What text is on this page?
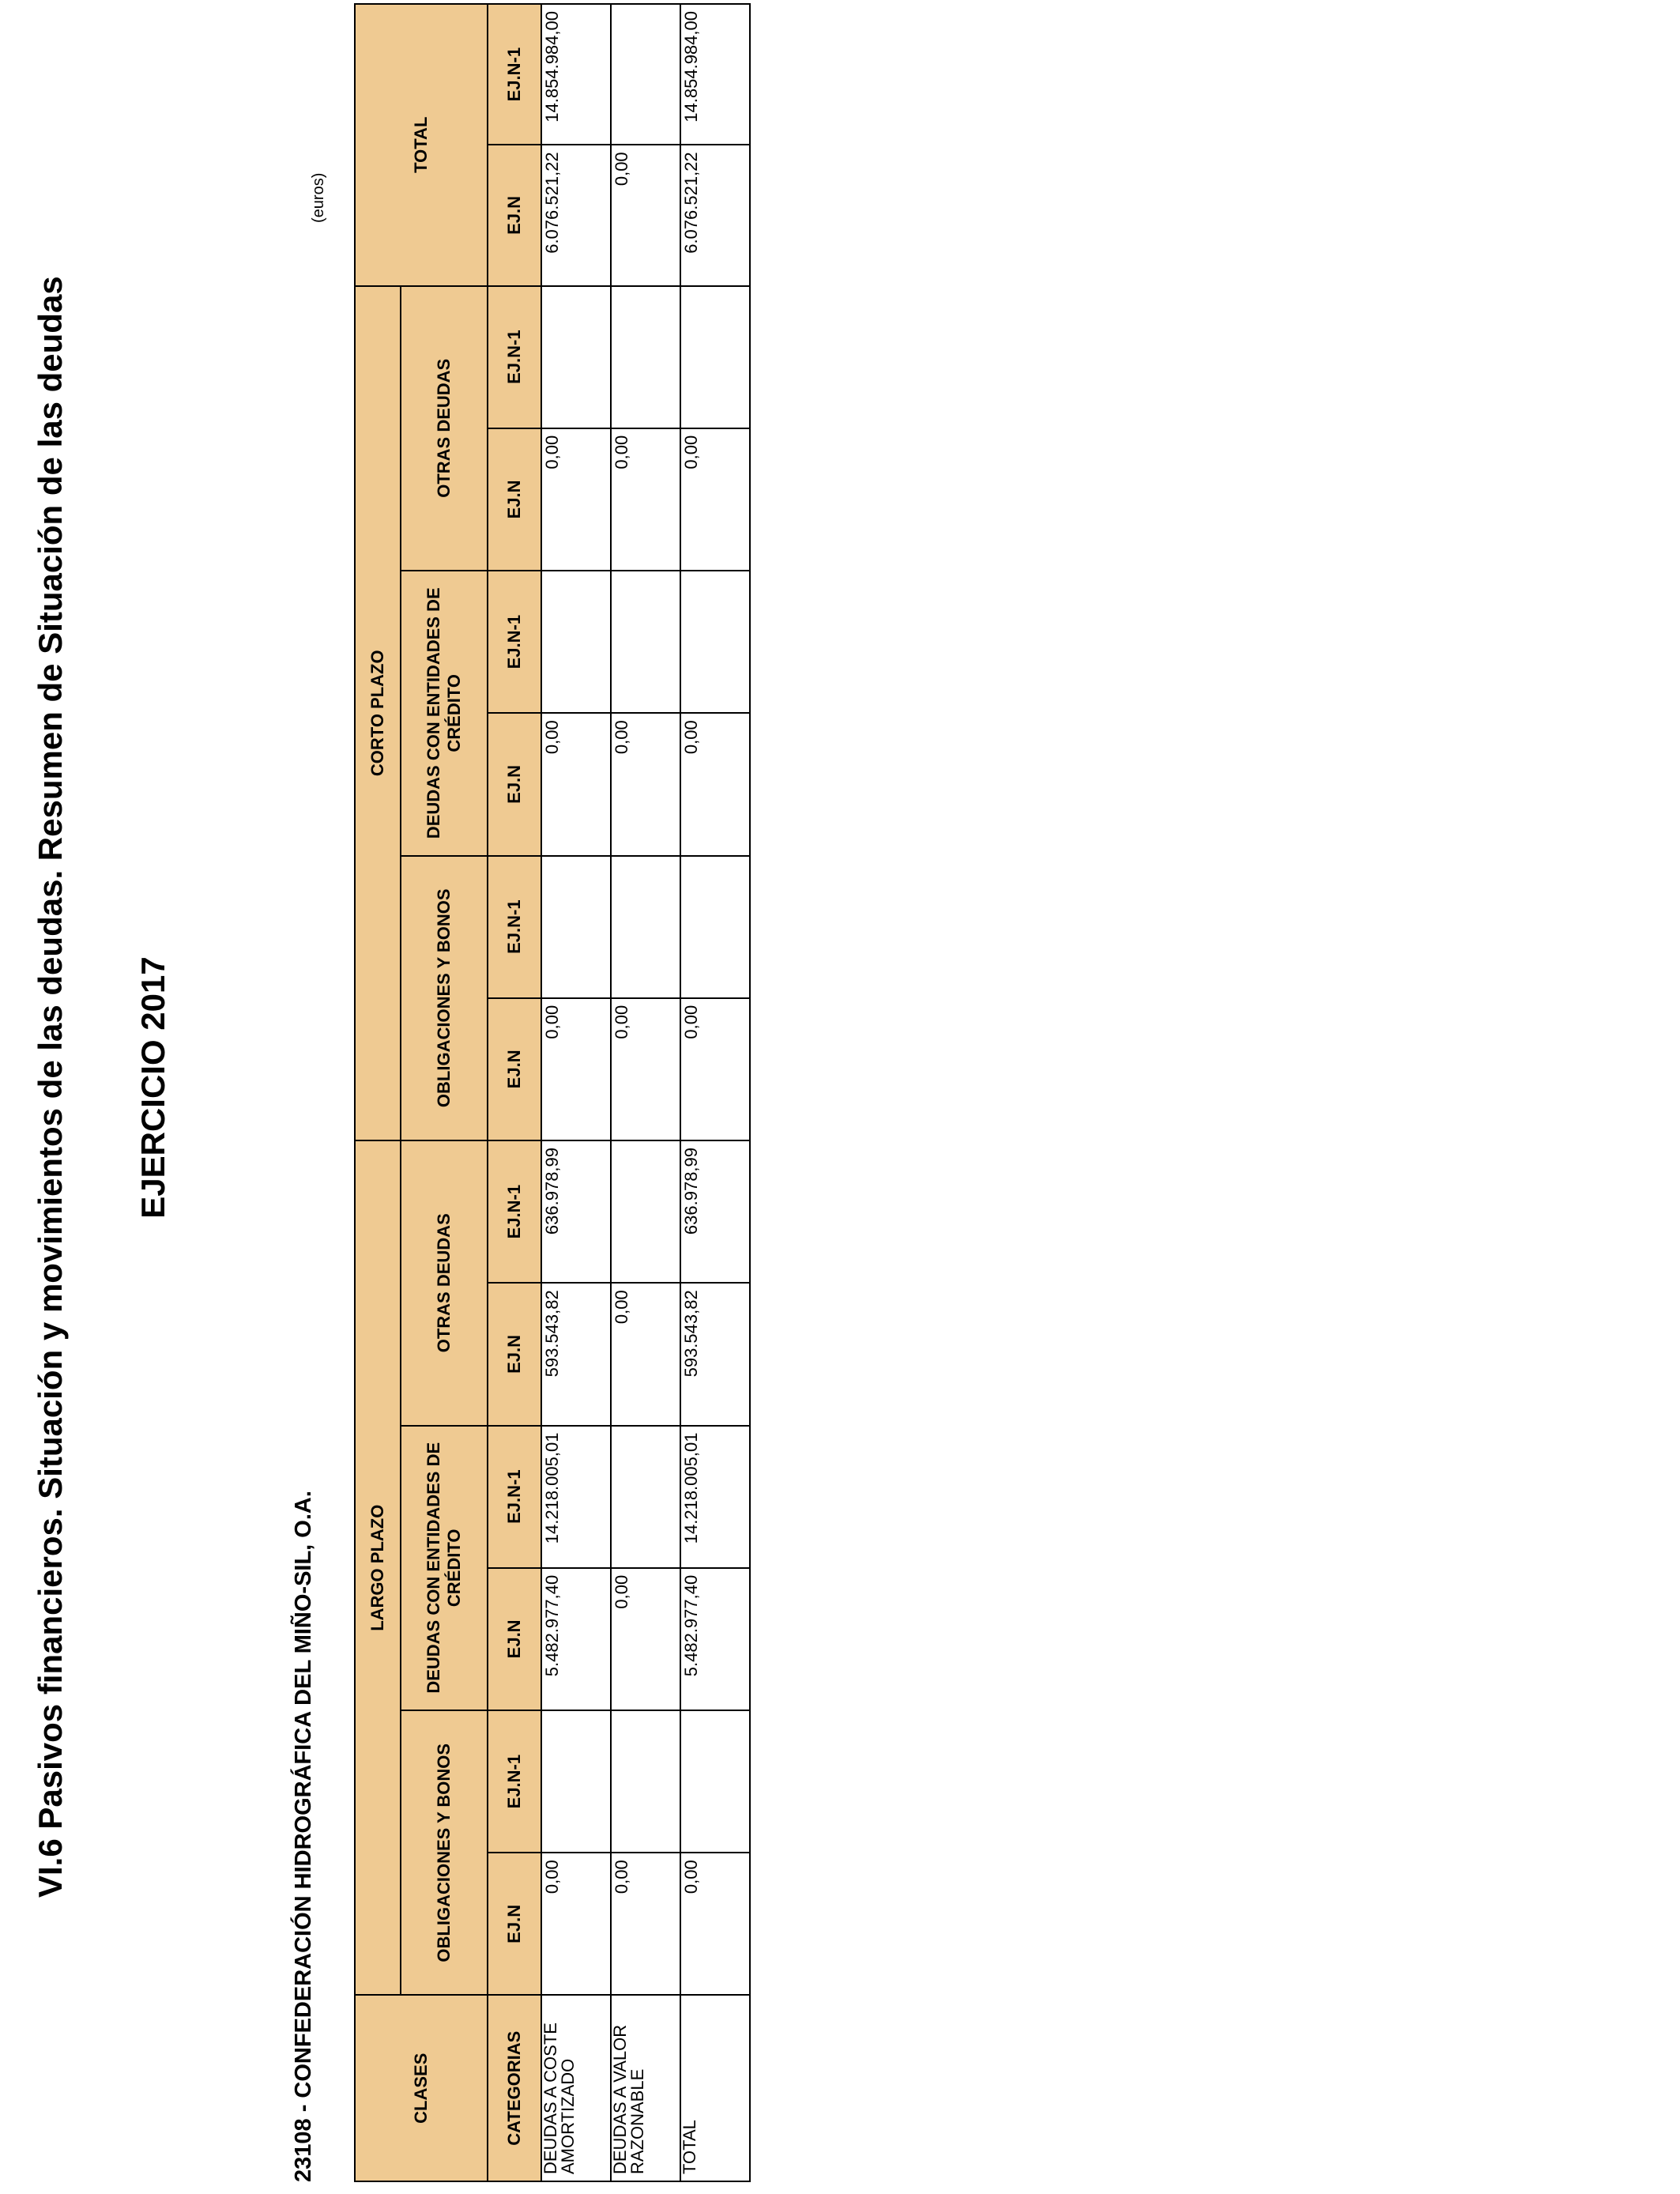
VI.6 Pasivos financieros. Situación y movimientos de las deudas. Resumen de Situación de las deudas EJERCICIO 2017
23108 - CONFEDERACIÓN HIDROGRÁFICA DEL MIÑO-SIL, O.A.
(euros)
CLASES	LARGO PLAZO						CORTO PLAZO						TOTAL	
	OBLIGACIONES Y BONOS		DEUDAS CON ENTIDADES DE CRÉDITO		OTRAS DEUDAS		OBLIGACIONES Y BONOS		DEUDAS CON ENTIDADES DE CRÉDITO		OTRAS DEUDAS			
CATEGORIAS	EJ.N	EJ.N-1	EJ.N	EJ.N-1	EJ.N	EJ.N-1	EJ.N	EJ.N-1	EJ.N	EJ.N-1	EJ.N	EJ.N-1	EJ.N	EJ.N-1
DEUDAS A COSTE AMORTIZADO	0,00		5.482.977,40	14.218.005,01	593.543,82	636.978,99	0,00		0,00		0,00		6.076.521,22	14.854.984,00
DEUDAS A VALOR RAZONABLE	0,00		0,00		0,00		0,00		0,00		0,00		0,00	
TOTAL	0,00		5.482.977,40	14.218.005,01	593.543,82	636.978,99	0,00		0,00		0,00		6.076.521,22	14.854.984,00
